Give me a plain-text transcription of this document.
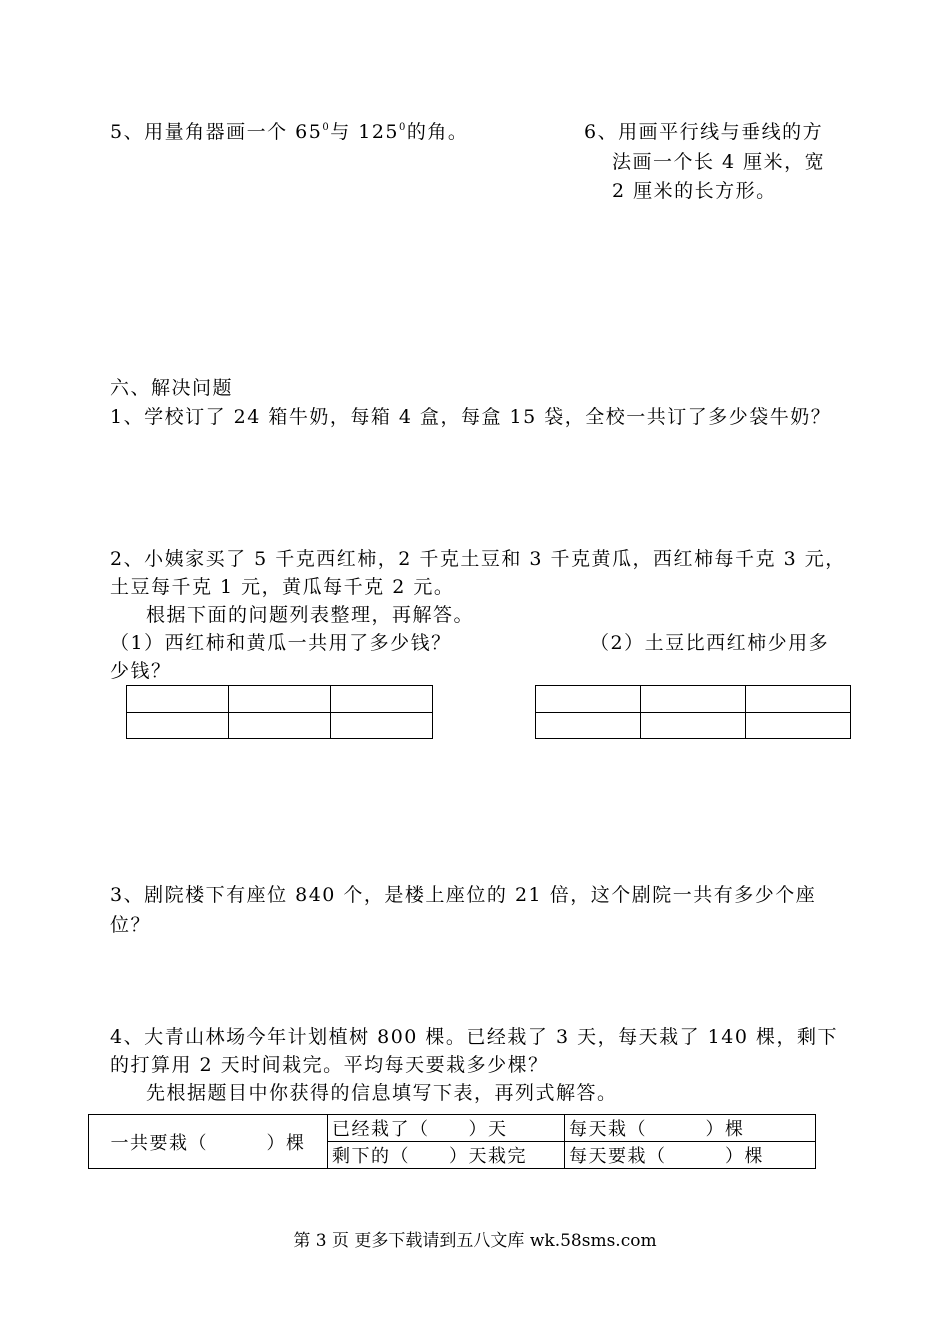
5、用量角器画一个 $65^0$与 $125^0$的角。	6、用画平行线与垂线的方
法画一个长 4 厘米，宽
2 厘米的长方形。
六、解决问题
1、学校订了 24 箱牛奶，每箱 4 盒，每盒 15 袋，全校一共订了多少袋牛奶？
2、小姨家买了 5 千克西红柿，2 千克土豆和 3 千克黄瓜，西红柿每千克 3 元，
土豆每千克 1 元，黄瓜每千克 2 元。
根据下面的问题列表整理，再解答。
（1）西红柿和黄瓜一共用了多少钱？	（2）土豆比西红柿少用多
少钱？

3、剧院楼下有座位 840 个，是楼上座位的 21 倍，这个剧院一共有多少个座
位？
4、大青山林场今年计划植树 800 棵。已经栽了 3 天，每天栽了 140 棵，剩下
的打算用 2 天时间栽完。平均每天要栽多少棵？
先根据题目中你获得的信息填写下表，再列式解答。
一共要栽（　　　）棵	已经栽了（　　）天	每天栽（　　　）棵
	剩下的（　　）天栽完	每天要栽（　　　）棵
第 3 页 更多下载请到五八文库 wk.58sms.com
